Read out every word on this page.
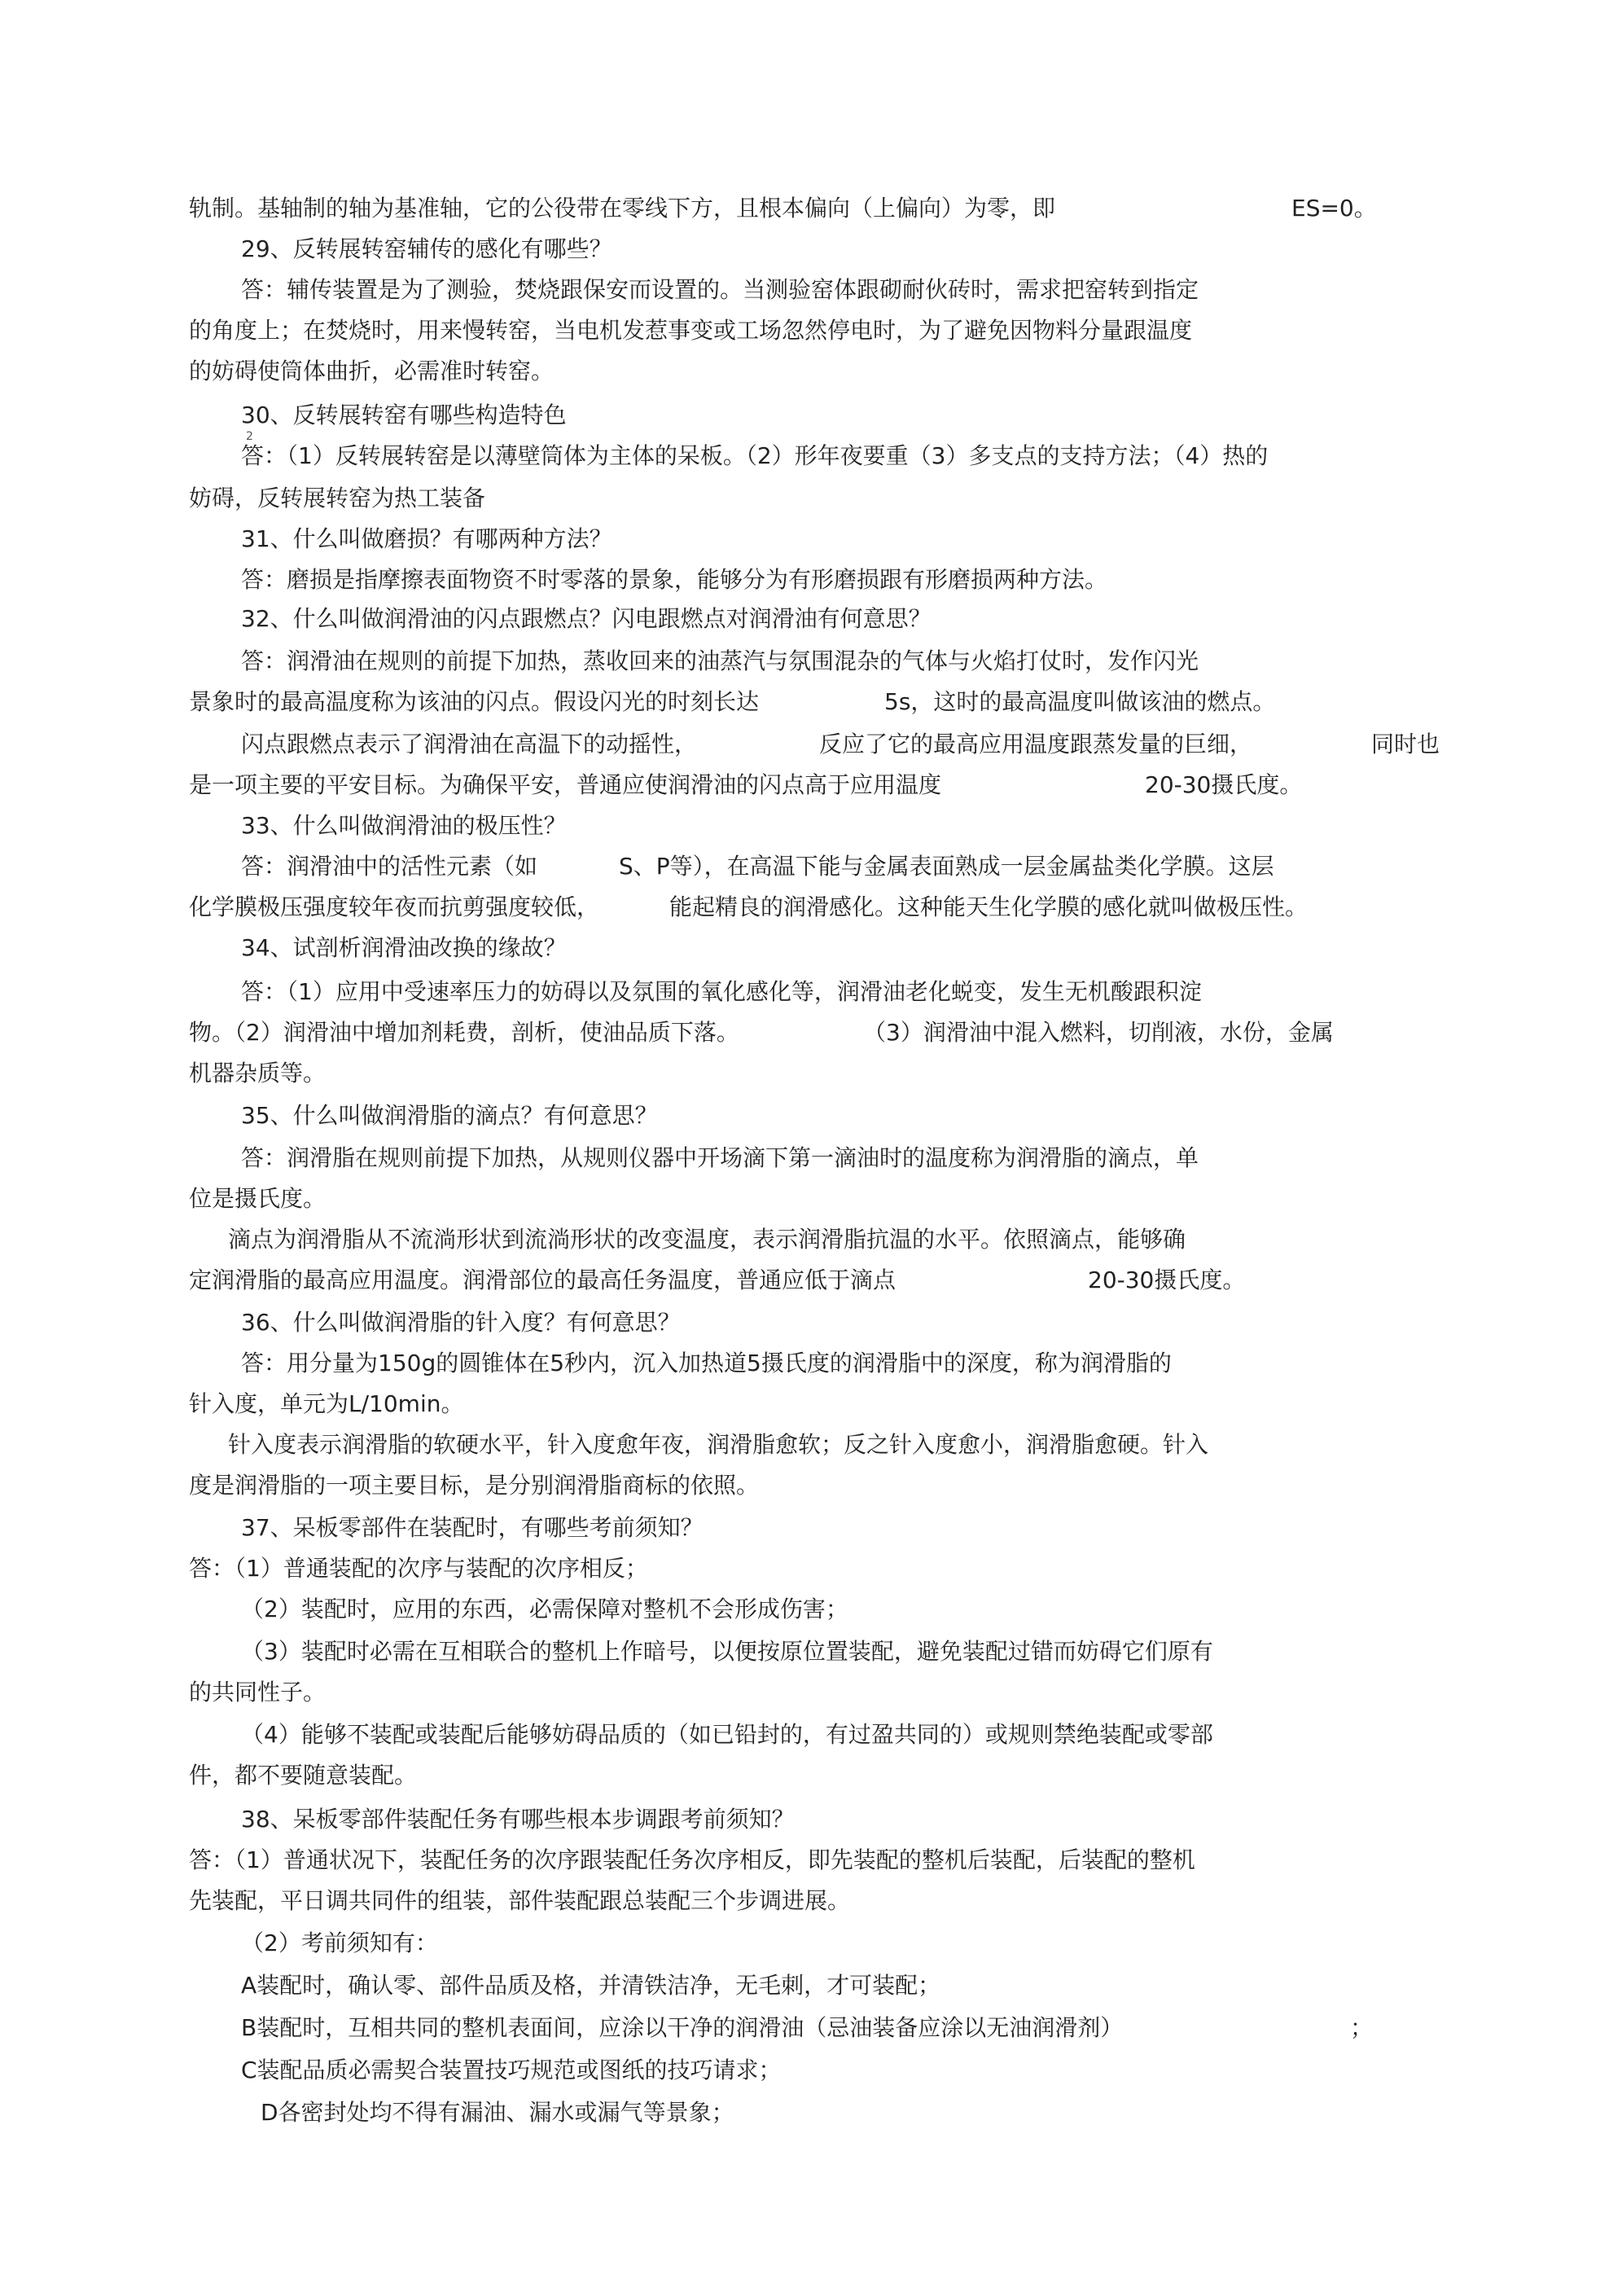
轨制。基轴制的轴为基准轴，它的公役带在零线下方，且根本偏向（上偏向）为零，即	ES=0。
29、反转展转窑辅传的感化有哪些？
答：辅传装置是为了测验，焚烧跟保安而设置的。当测验窑体跟砌耐伙砖时，需求把窑转到指定
的角度上；在焚烧时，用来慢转窑，当电机发惹事变或工场忽然停电时，为了避免因物料分量跟温度
的妨碍使筒体曲折，必需准时转窑。
30、反转展转窑有哪些构造特色
2
答：（1）反转展转窑是以薄壁筒体为主体的呆板。（2）形年夜要重（3）多支点的支持方法；（4）热的
妨碍，反转展转窑为热工装备
31、什么叫做磨损？有哪两种方法？
答：磨损是指摩擦表面物资不时零落的景象，能够分为有形磨损跟有形磨损两种方法。
32、什么叫做润滑油的闪点跟燃点？闪电跟燃点对润滑油有何意思？
答：润滑油在规则的前提下加热，蒸收回来的油蒸汽与氛围混杂的气体与火焰打仗时，发作闪光
景象时的最高温度称为该油的闪点。假设闪光的时刻长达	5s，这时的最高温度叫做该油的燃点。
闪点跟燃点表示了润滑油在高温下的动摇性，	反应了它的最高应用温度跟蒸发量的巨细，	同时也
是一项主要的平安目标。为确保平安，普通应使润滑油的闪点高于应用温度	20-30摄氏度。
33、什么叫做润滑油的极压性？
答：润滑油中的活性元素（如	S、P等），在高温下能与金属表面熟成一层金属盐类化学膜。这层
化学膜极压强度较年夜而抗剪强度较低，	能起精良的润滑感化。这种能天生化学膜的感化就叫做极压性。
34、试剖析润滑油改换的缘故？
答：（1）应用中受速率压力的妨碍以及氛围的氧化感化等，润滑油老化蜕变，发生无机酸跟积淀
物。（2）润滑油中增加剂耗费，剖析，使油品质下落。	（3）润滑油中混入燃料，切削液，水份，金属
机器杂质等。
35、什么叫做润滑脂的滴点？有何意思？
答：润滑脂在规则前提下加热，从规则仪器中开场滴下第一滴油时的温度称为润滑脂的滴点，单
位是摄氏度。
滴点为润滑脂从不流淌形状到流淌形状的改变温度，表示润滑脂抗温的水平。依照滴点，能够确
定润滑脂的最高应用温度。润滑部位的最高任务温度，普通应低于滴点	20-30摄氏度。
36、什么叫做润滑脂的针入度？有何意思？
答：用分量为150g的圆锥体在5秒内，沉入加热道5摄氏度的润滑脂中的深度，称为润滑脂的
针入度，单元为L/10min。
针入度表示润滑脂的软硬水平，针入度愈年夜，润滑脂愈软；反之针入度愈小，润滑脂愈硬。针入
度是润滑脂的一项主要目标，是分别润滑脂商标的依照。
37、呆板零部件在装配时，有哪些考前须知？
答：（1）普通装配的次序与装配的次序相反；
（2）装配时，应用的东西，必需保障对整机不会形成伤害；
（3）装配时必需在互相联合的整机上作暗号，以便按原位置装配，避免装配过错而妨碍它们原有
的共同性子。
（4）能够不装配或装配后能够妨碍品质的（如已铅封的，有过盈共同的）或规则禁绝装配或零部
件，都不要随意装配。
38、呆板零部件装配任务有哪些根本步调跟考前须知？
答：（1）普通状况下，装配任务的次序跟装配任务次序相反，即先装配的整机后装配，后装配的整机
先装配，平日调共同件的组装，部件装配跟总装配三个步调进展。
（2）考前须知有：
A装配时，确认零、部件品质及格，并清铁洁净，无毛刺，才可装配；
B装配时，互相共同的整机表面间，应涂以干净的润滑油（忌油装备应涂以无油润滑剂）	；
C装配品质必需契合装置技巧规范或图纸的技巧请求；
D各密封处均不得有漏油、漏水或漏气等景象；
